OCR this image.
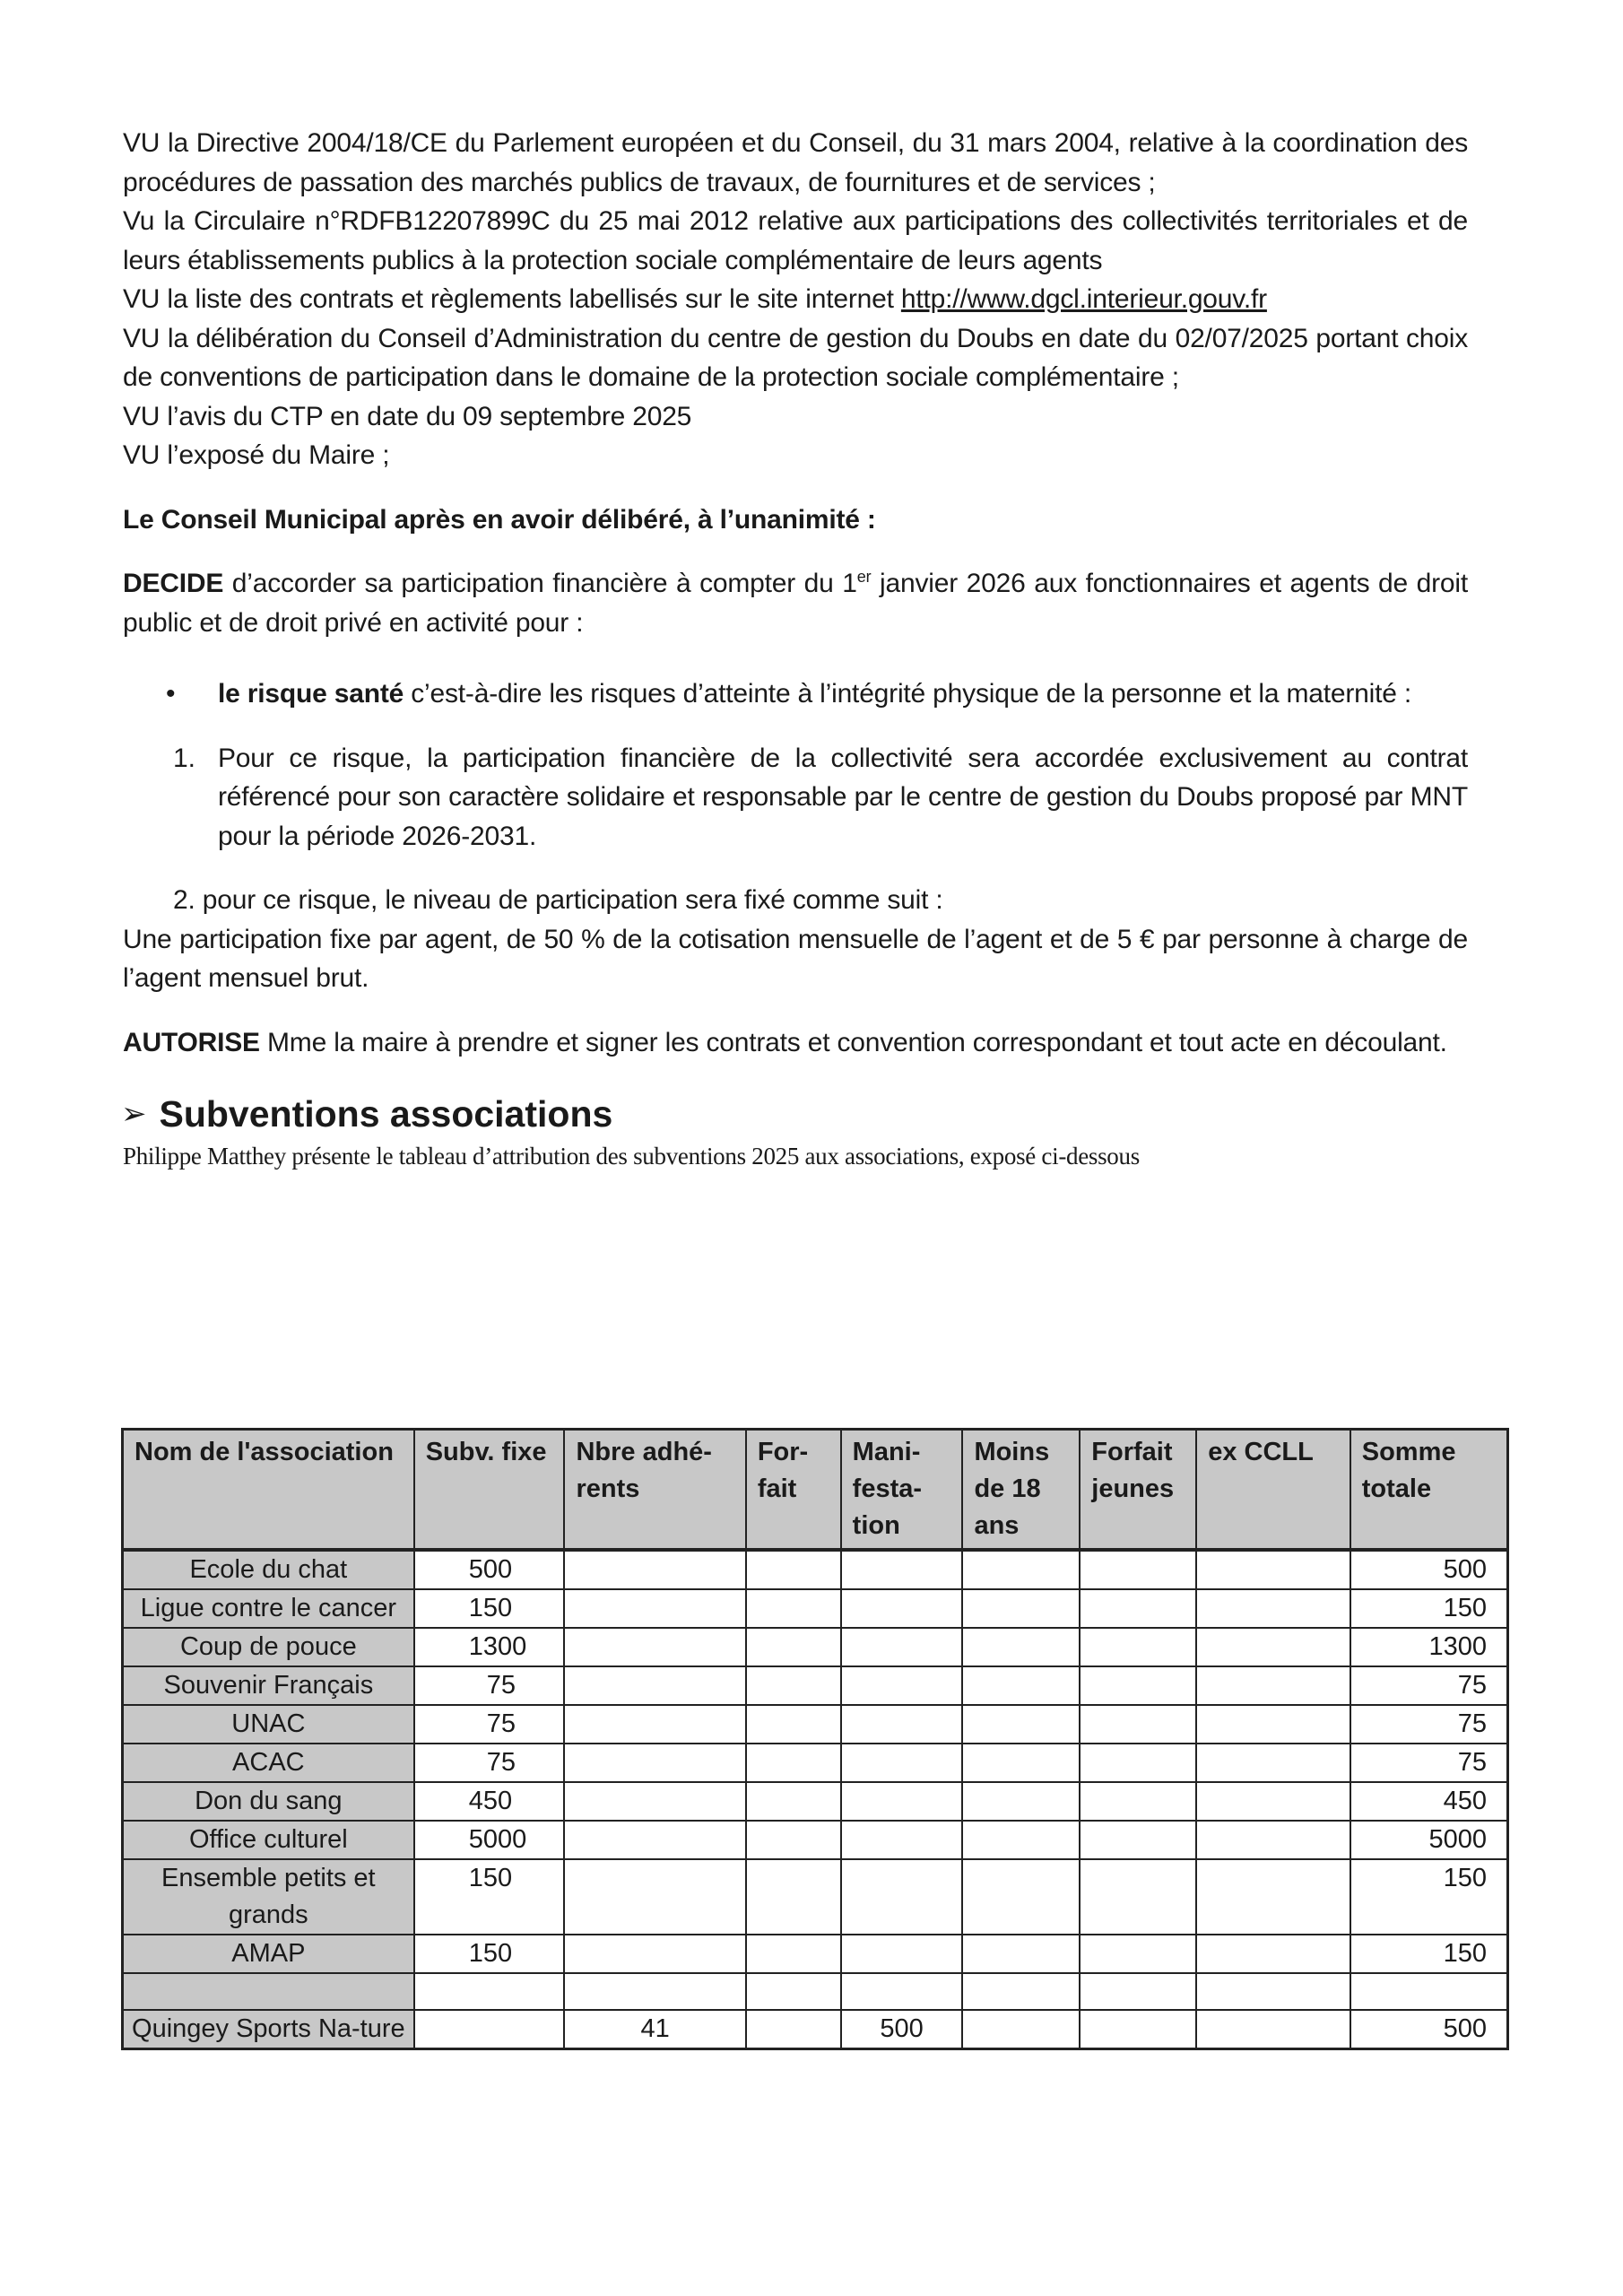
VU la Directive 2004/18/CE du Parlement européen et du Conseil, du 31 mars 2004, relative à la coordination des procédures de passation des marchés publics de travaux, de fournitures et de services ;

Vu la Circulaire n°RDFB12207899C du 25 mai 2012 relative aux participations des collectivités territoriales et de leurs établissements publics à la protection sociale complémentaire de leurs agents

VU la liste des contrats et règlements labellisés sur le site internet http://www.dgcl.interieur.gouv.fr

VU la délibération du Conseil d’Administration du centre de gestion du Doubs en date du 02/07/2025 portant choix de conventions de participation dans le domaine de la protection sociale complémentaire ;

VU l’avis du CTP en date du 09 septembre 2025

VU l’exposé du Maire ;

Le Conseil Municipal après en avoir délibéré, à l’unanimité :

DECIDE d’accorder sa participation financière à compter du 1er janvier 2026 aux fonctionnaires et agents de droit public et de droit privé en activité pour :

•	le risque santé c’est-à-dire les risques d’atteinte à l’intégrité physique de la personne et la maternité :

1. Pour ce risque, la participation financière de la collectivité sera accordée exclusivement au contrat référencé pour son caractère solidaire et responsable par le centre de gestion du Doubs proposé par MNT pour la période 2026-2031.

2. pour ce risque, le niveau de participation sera fixé comme suit :

Une participation fixe par agent, de 50 % de la cotisation mensuelle de l’agent et de 5 € par personne à charge de l’agent mensuel brut.

AUTORISE Mme la maire à prendre et signer les contrats et convention correspondant et tout acte en découlant.

➢ Subventions associations

Philippe Matthey présente le tableau d’attribution des subventions 2025 aux associations, exposé ci-dessous

Nom de l'association	Subv. fixe	Nbre adhé-rents	For-fait	Mani-festa-tion	Moins de 18 ans	Forfait jeunes	ex CCLL	Somme totale
Ecole du chat	500							500
Ligue contre le cancer	150							150
Coup de pouce	1300							1300
Souvenir Français	75							75
UNAC	75							75
ACAC	75							75
Don du sang	450							450
Office culturel	5000							5000
Ensemble petits et grands	150							150
AMAP	150							150

Quingey Sports Na-ture		41		500				500
